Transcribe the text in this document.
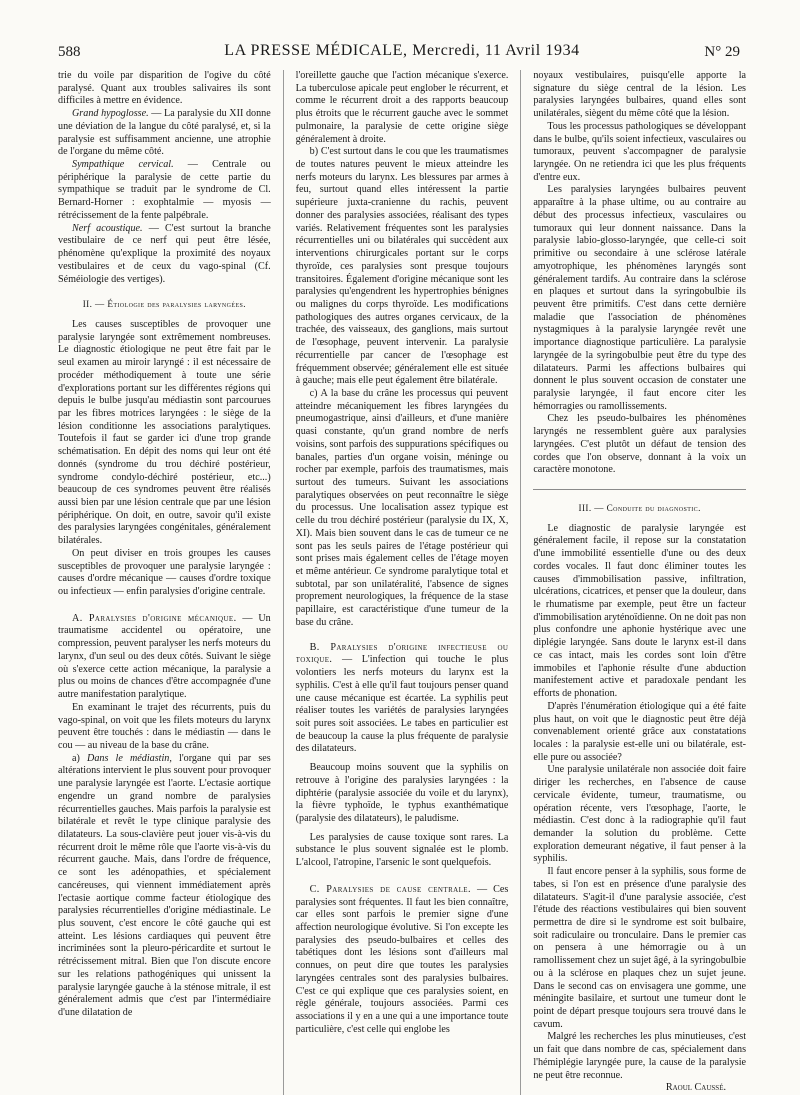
588	LA PRESSE MÉDICALE, Mercredi, 11 Avril 1934	N° 29

trie du voile par disparition de l'ogive du côté paralysé. Quant aux troubles salivaires ils sont difficiles à mettre en évidence.

Grand hypoglosse. — La paralysie du XII donne une déviation de la langue du côté paralysé, et, si la paralysie est suffisamment ancienne, une atrophie de l'organe du même côté.

Sympathique cervical. — Centrale ou périphérique la paralysie de cette partie du sympathique se traduit par le syndrome de Cl. Bernard-Horner : exophtalmie — myosis — rétrécissement de la fente palpébrale.

Nerf acoustique. — C'est surtout la branche vestibulaire de ce nerf qui peut être lésée, phénomène qu'explique la proximité des noyaux vestibulaires et de ceux du vago-spinal (Cf. Séméiologie des vertiges).

II. — Étiologie des paralysies laryngées.

Les causes susceptibles de provoquer une paralysie laryngée sont extrêmement nombreuses. Le diagnostic étiologique ne peut être fait par le seul examen au miroir laryngé : il est nécessaire de procéder méthodiquement à toute une série d'explorations portant sur les différentes régions qui depuis le bulbe jusqu'au médiastin sont parcourues par les fibres motrices laryngées : le siège de la lésion conditionne les associations paralytiques. Toutefois il faut se garder ici d'une trop grande schématisation. En dépit des noms qui leur ont été donnés (syndrome du trou déchiré postérieur, syndrome condylo-déchiré postérieur, etc...) beaucoup de ces syndromes peuvent être réalisés aussi bien par une lésion centrale que par une lésion périphérique. On doit, en outre, savoir qu'il existe des paralysies laryngées congénitales, généralement bilatérales.

On peut diviser en trois groupes les causes susceptibles de provoquer une paralysie laryngée : causes d'ordre mécanique — causes d'ordre toxique ou infectieux — enfin paralysies d'origine centrale.

A. Paralysies d'origine mécanique. — Un traumatisme accidentel ou opératoire, une compression, peuvent paralyser les nerfs moteurs du larynx, d'un seul ou des deux côtés. Suivant le siège où s'exerce cette action mécanique, la paralysie a plus ou moins de chances d'être accompagnée d'une autre manifestation paralytique.

En examinant le trajet des récurrents, puis du vago-spinal, on voit que les filets moteurs du larynx peuvent être touchés : dans le médiastin — dans le cou — au niveau de la base du crâne.

a) Dans le médiastin, l'organe qui par ses altérations intervient le plus souvent pour provoquer une paralysie laryngée est l'aorte. L'ectasie aortique engendre un grand nombre de paralysies récurrentielles gauches. Mais parfois la paralysie est bilatérale et revêt le type clinique paralysie des dilatateurs. La sous-clavière peut jouer vis-à-vis du récurrent droit le même rôle que l'aorte vis-à-vis du récurrent gauche. Mais, dans l'ordre de fréquence, ce sont les adénopathies, et spécialement cancéreuses, qui viennent immédiatement après l'ectasie aortique comme facteur étiologique des paralysies récurrentielles d'origine médiastinale. Le plus souvent, c'est encore le côté gauche qui est atteint. Les lésions cardiaques qui peuvent être incriminées sont la pleuro-péricardite et surtout le rétrécissement mitral. Bien que l'on discute encore sur les relations pathogéniques qui unissent la paralysie laryngée gauche à la sténose mitrale, il est généralement admis que c'est par l'intermédiaire d'une dilatation de

l'oreillette gauche que l'action mécanique s'exerce. La tuberculose apicale peut englober le récurrent, et comme le récurrent droit a des rapports beaucoup plus étroits que le récurrent gauche avec le sommet pulmonaire, la paralysie de cette origine siège généralement à droite.

b) C'est surtout dans le cou que les traumatismes de toutes natures peuvent le mieux atteindre les nerfs moteurs du larynx. Les blessures par armes à feu, surtout quand elles intéressent la partie supérieure juxta-cranienne du rachis, peuvent donner des paralysies associées, réalisant des types variés. Relativement fréquentes sont les paralysies récurrentielles uni ou bilatérales qui succèdent aux interventions chirurgicales portant sur le corps thyroïde, ces paralysies sont presque toujours transitoires. Également d'origine mécanique sont les paralysies qu'engendrent les hypertrophies bénignes ou malignes du corps thyroïde. Les modifications pathologiques des autres organes cervicaux, de la trachée, des vaisseaux, des ganglions, mais surtout de l'œsophage, peuvent intervenir. La paralysie récurrentielle par cancer de l'œsophage est fréquemment observée; généralement elle est située à gauche; mais elle peut également être bilatérale.

c) A la base du crâne les processus qui peuvent atteindre mécaniquement les fibres laryngées du pneumogastrique, ainsi d'ailleurs, et d'une manière quasi constante, qu'un grand nombre de nerfs voisins, sont parfois des suppurations spécifiques ou banales, parties d'un organe voisin, méninge ou rocher par exemple, parfois des traumatismes, mais surtout des tumeurs. Suivant les associations paralytiques observées on peut reconnaître le siège du processus. Une localisation assez typique est celle du trou déchiré postérieur (paralysie du IX, X, XI). Mais bien souvent dans le cas de tumeur ce ne sont pas les seuls paires de l'étage postérieur qui sont prises mais également celles de l'étage moyen et même antérieur. Ce syndrome paralytique total et subtotal, par son unilatéralité, l'absence de signes proprement neurologiques, la fréquence de la stase papillaire, est caractéristique d'une tumeur de la base du crâne.

B. Paralysies d'origine infectieuse ou toxique. — L'infection qui touche le plus volontiers les nerfs moteurs du larynx est la syphilis. C'est à elle qu'il faut toujours penser quand une cause mécanique est écartée. La syphilis peut réaliser toutes les variétés de paralysies laryngées soit pures soit associées. Le tabes en particulier est de beaucoup la cause la plus fréquente de paralysie des dilatateurs.

Beaucoup moins souvent que la syphilis on retrouve à l'origine des paralysies laryngées : la diphtérie (paralysie associée du voile et du larynx), la fièvre typhoïde, le typhus exanthématique (paralysie des dilatateurs), le paludisme.

Les paralysies de cause toxique sont rares. La substance le plus souvent signalée est le plomb. L'alcool, l'atropine, l'arsenic le sont quelquefois.

C. Paralysies de cause centrale. — Ces paralysies sont fréquentes. Il faut les bien connaître, car elles sont parfois le premier signe d'une affection neurologique évolutive. Si l'on excepte les paralysies des pseudo-bulbaires et celles des tabétiques dont les lésions sont d'ailleurs mal connues, on peut dire que toutes les paralysies laryngées centrales sont des paralysies bulbaires. C'est ce qui explique que ces paralysies soient, en règle générale, toujours associées. Parmi ces associations il y en a une qui a une importance toute particulière, c'est celle qui englobe les

noyaux vestibulaires, puisqu'elle apporte la signature du siège central de la lésion. Les paralysies laryngées bulbaires, quand elles sont unilatérales, siègent du même côté que la lésion.

Tous les processus pathologiques se développant dans le bulbe, qu'ils soient infectieux, vasculaires ou tumoraux, peuvent s'accompagner de paralysie laryngée. On ne retiendra ici que les plus fréquents d'entre eux.

Les paralysies laryngées bulbaires peuvent apparaître à la phase ultime, ou au contraire au début des processus infectieux, vasculaires ou tumoraux qui leur donnent naissance. Dans la paralysie labio-glosso-laryngée, que celle-ci soit primitive ou secondaire à une sclérose latérale amyotrophique, les phénomènes laryngés sont généralement tardifs. Au contraire dans la sclérose en plaques et surtout dans la syringobulbie ils peuvent être primitifs. C'est dans cette dernière maladie que l'association de phénomènes nystagmiques à la paralysie laryngée revêt une importance diagnostique particulière. La paralysie laryngée de la syringobulbie peut être du type des dilatateurs. Parmi les affections bulbaires qui donnent le plus souvent occasion de constater une paralysie laryngée, il faut encore citer les hémorragies ou ramollissements.

Chez les pseudo-bulbaires les phénomènes laryngés ne ressemblent guère aux paralysies laryngées. C'est plutôt un défaut de tension des cordes que l'on observe, donnant à la voix un caractère monotone.

III. — Conduite du diagnostic.

Le diagnostic de paralysie laryngée est généralement facile, il repose sur la constatation d'une immobilité essentielle d'une ou des deux cordes vocales. Il faut donc éliminer toutes les causes d'immobilisation passive, infiltration, ulcérations, cicatrices, et penser que la douleur, dans le rhumatisme par exemple, peut être un facteur d'immobilisation aryténoïdienne. On ne doit pas non plus confondre une aphonie hystérique avec une diplégie laryngée. Sans doute le larynx est-il dans ce cas intact, mais les cordes sont loin d'être immobiles et l'aphonie résulte d'une abduction manifestement active et paradoxale pendant les efforts de phonation.

D'après l'énumération étiologique qui a été faite plus haut, on voit que le diagnostic peut être déjà convenablement orienté grâce aux constatations locales : la paralysie est-elle uni ou bilatérale, est-elle pure ou associée?

Une paralysie unilatérale non associée doit faire diriger les recherches, en l'absence de cause cervicale évidente, tumeur, traumatisme, ou opération récente, vers l'œsophage, l'aorte, le médiastin. C'est donc à la radiographie qu'il faut demander la solution du problème. Cette exploration demeurant négative, il faut penser à la syphilis.

Il faut encore penser à la syphilis, sous forme de tabes, si l'on est en présence d'une paralysie des dilatateurs. S'agit-il d'une paralysie associée, c'est l'étude des réactions vestibulaires qui bien souvent permettra de dire si le syndrome est soit bulbaire, soit radiculaire ou tronculaire. Dans le premier cas on pensera à une hémorragie ou à un ramollissement chez un sujet âgé, à la syringobulbie ou à la sclérose en plaques chez un sujet jeune. Dans le second cas on envisagera une gomme, une méningite basilaire, et surtout une tumeur dont le point de départ presque toujours sera trouvé dans le cavum.

Malgré les recherches les plus minutieuses, c'est un fait que dans nombre de cas, spécialement dans l'hémiplégie laryngée pure, la cause de la paralysie ne peut être reconnue.

Raoul Caussé.
